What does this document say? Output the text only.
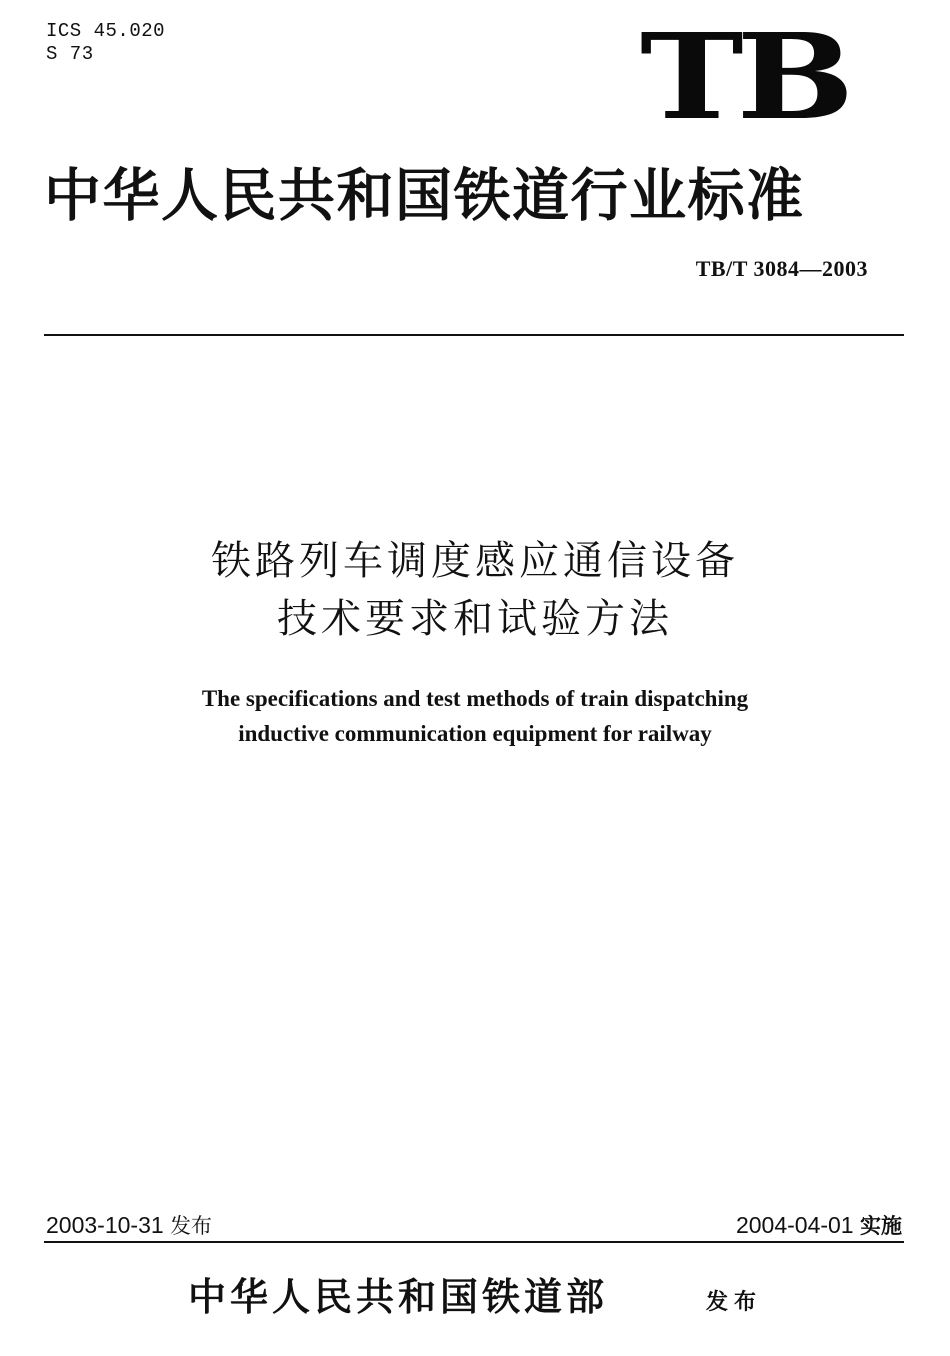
ICS 45.020
S 73	TB
中华人民共和国铁道行业标准
TB/T 3084—2003
铁路列车调度感应通信设备
技术要求和试验方法
The specifications and test methods of train dispatching
inductive communication equipment for railway
2003-10-31 发布	2004-04-01 实施
中华人民共和国铁道部	发布
